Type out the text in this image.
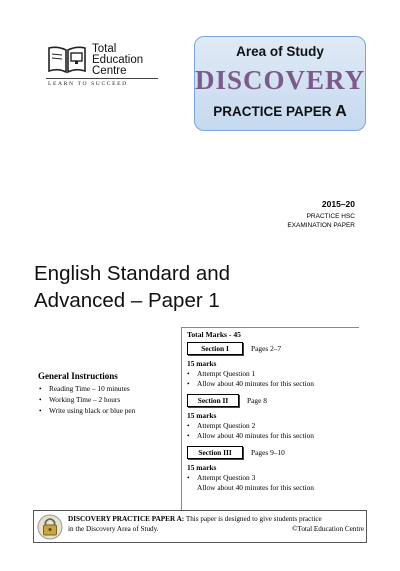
Total
Education
Centre
LEARN TO SUCCEED
Area of Study
DISCOVERY
PRACTICE PAPER A
2015–20
PRACTICE HSC
EXAMINATION PAPER
English Standard and
Advanced – Paper 1
General Instructions
• Reading Time – 10 minutes
• Working Time – 2 hours
• Write using black or blue pen
Total Marks - 45
Section I	Pages 2–7
15 marks
• Attempt Question 1
• Allow about 40 minutes for this section
Section II	Page 8
15 marks
• Attempt Question 2
• Allow about 40 minutes for this section
Section III	Pages 9–10
15 marks
• Attempt Question 3
Allow about 40 minutes for this section
DISCOVERY PRACTICE PAPER A: This paper is designed to give students practice
in the Discovery Area of Study.	©Total Education Centre
